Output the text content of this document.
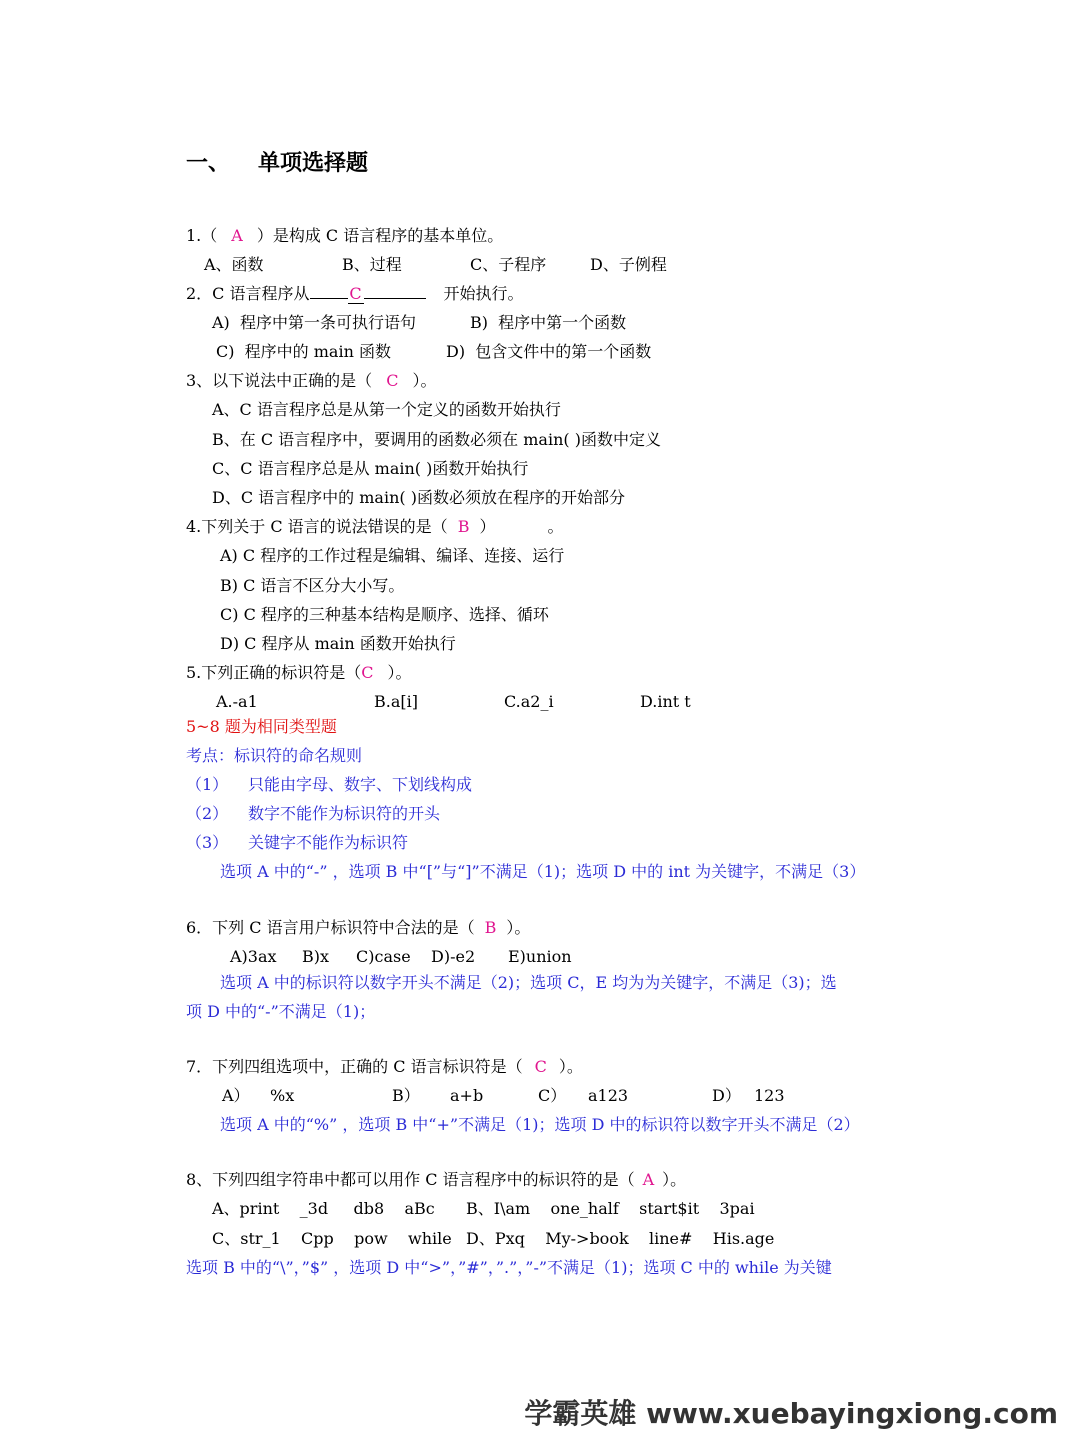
一、 单项选择题
1.（ A ）是构成 C 语言程序的基本单位。
A、函数	B、过程	C、子程序	D、子例程
2．C 语言程序从 C	开始执行。
A)  程序中第一条可执行语句	B)  程序中第一个函数
C)  程序中的 main 函数	D)  包含文件中的第一个函数
3、以下说法中正确的是（ C ）。
A、C 语言程序总是从第一个定义的函数开始执行
B、在 C 语言程序中，要调用的函数必须在 main( )函数中定义
C、C 语言程序总是从 main( )函数开始执行
D、C 语言程序中的 main( )函数必须放在程序的开始部分
4.下列关于 C 语言的说法错误的是（ B ）	。
A) C 程序的工作过程是编辑、编译、连接、运行
B) C 语言不区分大小写。
C) C 程序的三种基本结构是顺序、选择、循环
D) C 程序从 main 函数开始执行
5.下列正确的标识符是（C ）。
A.-a1	B.a[i]	C.a2_i	D.int t
5~8 题为相同类型题
考点：标识符的命名规则
（1） 只能由字母、数字、下划线构成
（2） 数字不能作为标识符的开头
（3） 关键字不能作为标识符
选项 A 中的“-” ，选项 B 中“[”与“]”不满足（1)；选项 D 中的 int 为关键字，不满足（3）
6．下列 C 语言用户标识符中合法的是（ B ）。
A)3ax B)x C)case D)-e2 E)union
选项 A 中的标识符以数字开头不满足（2)；选项 C，E 均为为关键字，不满足（3)；选
项 D 中的“-”不满足（1)；
7．下列四组选项中，正确的 C 语言标识符是（ C ）。
A） %x	B） a+b	C） a123	D） 123
选项 A 中的“%” ，选项 B 中“+”不满足（1)；选项 D 中的标识符以数字开头不满足（2）
8、下列四组字符串中都可以用作 C 语言程序中的标识符的是（ A ）。
A、print    _3d     db8    aBc B、I\am    one_half    start$it    3pai
C、str_1    Cpp    pow    while D、Pxq    My->book    line#    His.age
选项 B 中的“\”，”$” ，选项 D 中“>”，”#”，”.”，”-”不满足（1)；选项 C 中的 while 为关键
学霸英雄 www.xuebayingxiong.com
